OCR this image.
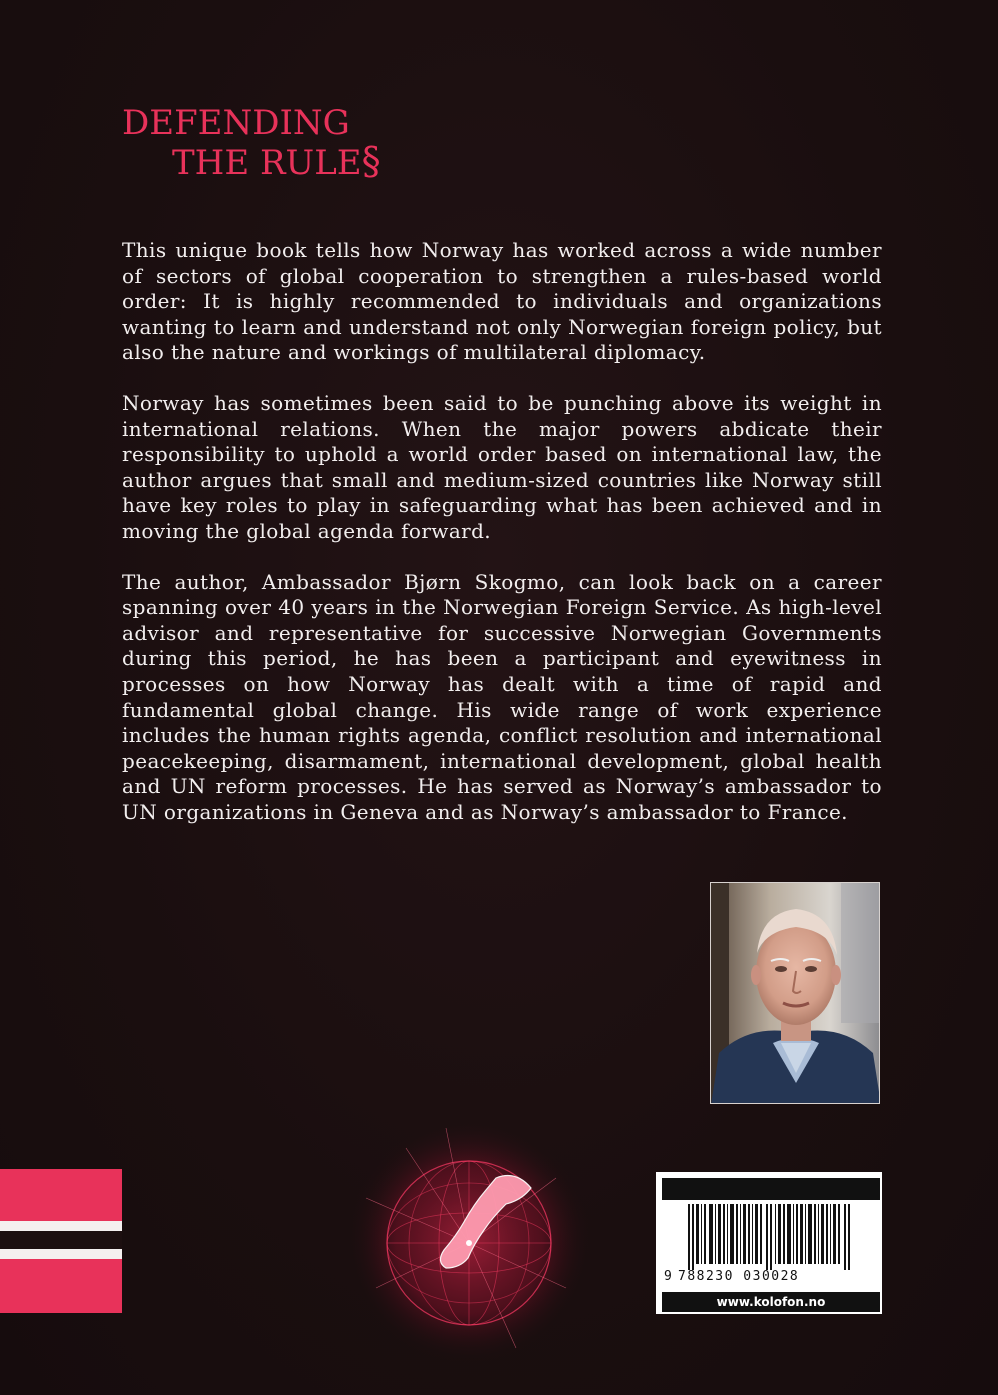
DEFENDING
THE RULE§

This unique book tells how Norway has worked across a wide number of sectors of global cooperation to strengthen a rules-based world order: It is highly recommended to individuals and organizations wanting to learn and understand not only Norwegian foreign policy, but also the nature and workings of multilateral diplomacy.

Norway has sometimes been said to be punching above its weight in international relations. When the major powers abdicate their responsibility to uphold a world order based on international law, the author argues that small and medium-sized countries like Norway still have key roles to play in safeguarding what has been achieved and in moving the global agenda forward.

The author, Ambassador Bjørn Skogmo, can look back on a career spanning over 40 years in the Norwegian Foreign Service. As high-level advisor and representative for successive Norwegian Governments during this period, he has been a participant and eyewitness in processes on how Norway has dealt with a time of rapid and fundamental global change. His wide range of work experience includes the human rights agenda, conflict resolution and international peacekeeping, disarmament, international development, global health and UN reform processes. He has served as Norway’s ambassador to UN organizations in Geneva and as Norway’s ambassador to France.

9 788230 030028
www.kolofon.no
